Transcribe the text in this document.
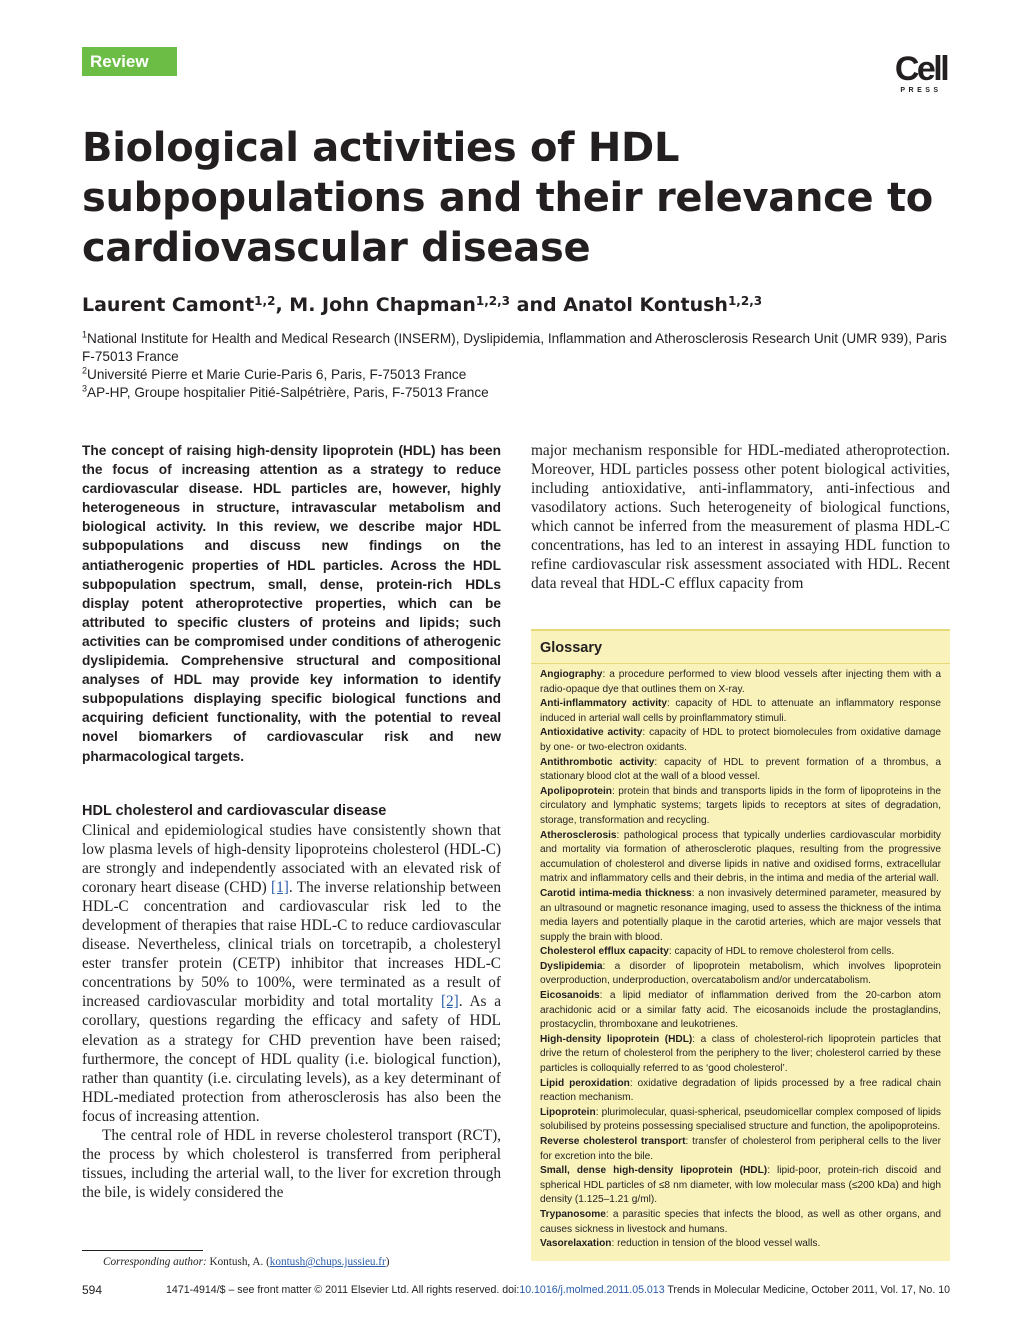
Review	Cell
PRESS
Biological activities of HDL subpopulations and their relevance to cardiovascular disease
Laurent Camont$^{1,2}$, M. John Chapman$^{1,2,3}$ and Anatol Kontush$^{1,2,3}$
$^1$National Institute for Health and Medical Research (INSERM), Dyslipidemia, Inflammation and Atherosclerosis Research Unit (UMR 939), Paris F-75013 France
$^2$Université Pierre et Marie Curie-Paris 6, Paris, F-75013 France
$^3$AP-HP, Groupe hospitalier Pitié-Salpétrière, Paris, F-75013 France

The concept of raising high-density lipoprotein (HDL) has been the focus of increasing attention as a strategy to reduce cardiovascular disease. HDL particles are, however, highly heterogeneous in structure, intravascular metabolism and biological activity. In this review, we describe major HDL subpopulations and discuss new findings on the antiatherogenic properties of HDL particles. Across the HDL subpopulation spectrum, small, dense, protein-rich HDLs display potent atheroprotective properties, which can be attributed to specific clusters of proteins and lipids; such activities can be compromised under conditions of atherogenic dyslipidemia. Comprehensive structural and compositional analyses of HDL may provide key information to identify subpopulations displaying specific biological functions and acquiring deficient functionality, with the potential to reveal novel biomarkers of cardiovascular risk and new pharmacological targets.

HDL cholesterol and cardiovascular disease

Clinical and epidemiological studies have consistently shown that low plasma levels of high-density lipoproteins cholesterol (HDL-C) are strongly and independently associated with an elevated risk of coronary heart disease (CHD) [1]. The inverse relationship between HDL-C concentration and cardiovascular risk led to the development of therapies that raise HDL-C to reduce cardiovascular disease. Nevertheless, clinical trials on torcetrapib, a cholesteryl ester transfer protein (CETP) inhibitor that increases HDL-C concentrations by 50% to 100%, were terminated as a result of increased cardiovascular morbidity and total mortality [2]. As a corollary, questions regarding the efficacy and safety of HDL elevation as a strategy for CHD prevention have been raised; furthermore, the concept of HDL quality (i.e. biological function), rather than quantity (i.e. circulating levels), as a key determinant of HDL-mediated protection from atherosclerosis has also been the focus of increasing attention.

The central role of HDL in reverse cholesterol transport (RCT), the process by which cholesterol is transferred from peripheral tissues, including the arterial wall, to the liver for excretion through the bile, is widely considered the

major mechanism responsible for HDL-mediated atheroprotection. Moreover, HDL particles possess other potent biological activities, including antioxidative, anti-inflammatory, anti-infectious and vasodilatory actions. Such heterogeneity of biological functions, which cannot be inferred from the measurement of plasma HDL-C concentrations, has led to an interest in assaying HDL function to refine cardiovascular risk assessment associated with HDL. Recent data reveal that HDL-C efflux capacity from

Glossary
Angiography: a procedure performed to view blood vessels after injecting them with a radio-opaque dye that outlines them on X-ray.
Anti-inflammatory activity: capacity of HDL to attenuate an inflammatory response induced in arterial wall cells by proinflammatory stimuli.
Antioxidative activity: capacity of HDL to protect biomolecules from oxidative damage by one- or two-electron oxidants.
Antithrombotic activity: capacity of HDL to prevent formation of a thrombus, a stationary blood clot at the wall of a blood vessel.
Apolipoprotein: protein that binds and transports lipids in the form of lipoproteins in the circulatory and lymphatic systems; targets lipids to receptors at sites of degradation, storage, transformation and recycling.
Atherosclerosis: pathological process that typically underlies cardiovascular morbidity and mortality via formation of atherosclerotic plaques, resulting from the progressive accumulation of cholesterol and diverse lipids in native and oxidised forms, extracellular matrix and inflammatory cells and their debris, in the intima and media of the arterial wall.
Carotid intima-media thickness: a non invasively determined parameter, measured by an ultrasound or magnetic resonance imaging, used to assess the thickness of the intima media layers and potentially plaque in the carotid arteries, which are major vessels that supply the brain with blood.
Cholesterol efflux capacity: capacity of HDL to remove cholesterol from cells.
Dyslipidemia: a disorder of lipoprotein metabolism, which involves lipoprotein overproduction, underproduction, overcatabolism and/or undercatabolism.
Eicosanoids: a lipid mediator of inflammation derived from the 20-carbon atom arachidonic acid or a similar fatty acid. The eicosanoids include the prostaglandins, prostacyclin, thromboxane and leukotrienes.
High-density lipoprotein (HDL): a class of cholesterol-rich lipoprotein particles that drive the return of cholesterol from the periphery to the liver; cholesterol carried by these particles is colloquially referred to as ‘good cholesterol’.
Lipid peroxidation: oxidative degradation of lipids processed by a free radical chain reaction mechanism.
Lipoprotein: plurimolecular, quasi-spherical, pseudomicellar complex composed of lipids solubilised by proteins possessing specialised structure and function, the apolipoproteins.
Reverse cholesterol transport: transfer of cholesterol from peripheral cells to the liver for excretion into the bile.
Small, dense high-density lipoprotein (HDL): lipid-poor, protein-rich discoid and spherical HDL particles of ≤8 nm diameter, with low molecular mass (≤200 kDa) and high density (1.125–1.21 g/ml).
Trypanosome: a parasitic species that infects the blood, as well as other organs, and causes sickness in livestock and humans.
Vasorelaxation: reduction in tension of the blood vessel walls.
Corresponding author: Kontush, A. (kontush@chups.jussieu.fr)
594	1471-4914/$ – see front matter © 2011 Elsevier Ltd. All rights reserved. doi:10.1016/j.molmed.2011.05.013 Trends in Molecular Medicine, October 2011, Vol. 17, No. 10
